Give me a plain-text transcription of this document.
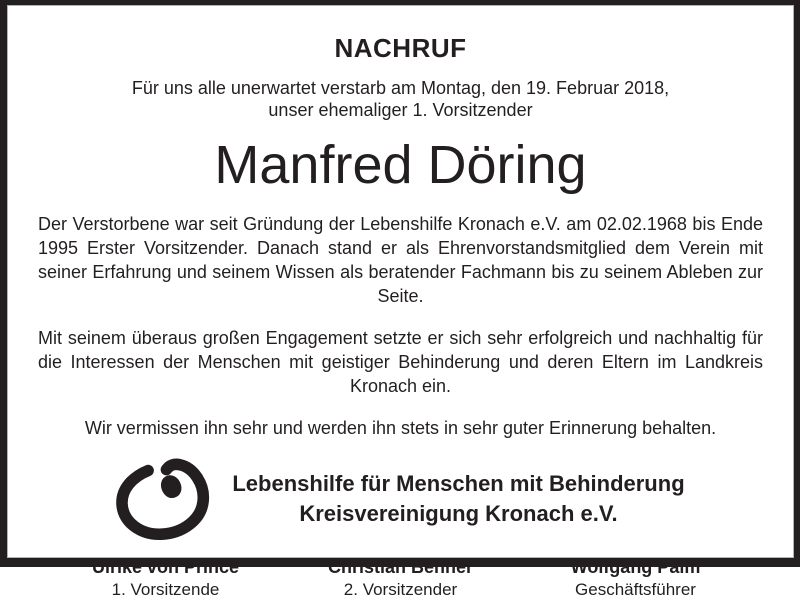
NACHRUF
Für uns alle unerwartet verstarb am Montag, den 19. Februar 2018,
unser ehemaliger 1. Vorsitzender
Manfred Döring

Der Verstorbene war seit Gründung der Lebenshilfe Kronach e.V. am 02.02.1968 bis Ende 1995 Erster Vorsitzender. Danach stand er als Ehrenvorstandsmitglied dem Verein mit seiner Erfahrung und seinem Wissen als beratender Fachmann bis zu seinem Ableben zur Seite.

Mit seinem überaus großen Engagement setzte er sich sehr erfolgreich und nachhaltig für die Interessen der Menschen mit geistiger Behinderung und deren Eltern im Landkreis Kronach ein.

Wir vermissen ihn sehr und werden ihn stets in sehr guter Erinnerung behalten.

Lebenshilfe für Menschen mit Behinderung
Kreisvereinigung Kronach e.V.
Ulrike von Prince
1. Vorsitzende
Christian Behner
2. Vorsitzender
Wolfgang Palm
Geschäftsführer
